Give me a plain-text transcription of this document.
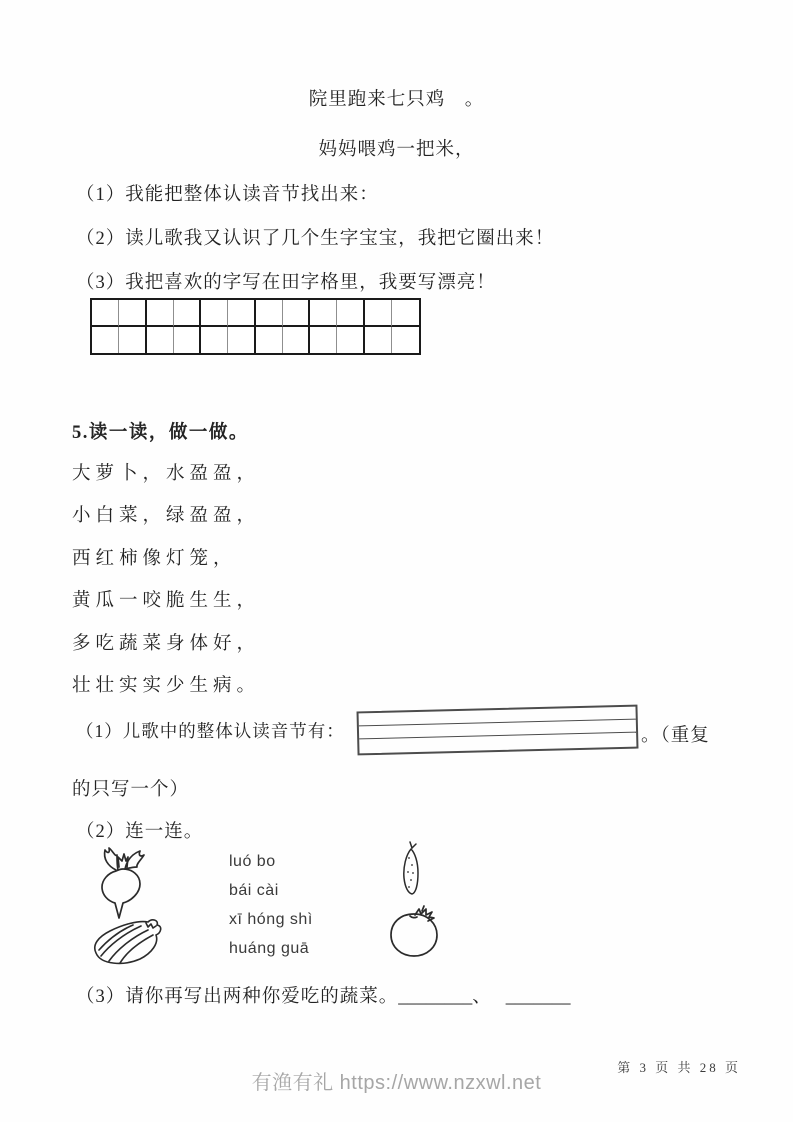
院里跑来七只鸡　。
妈妈喂鸡一把米，
（1）我能把整体认读音节找出来：
（2）读儿歌我又认识了几个生字宝宝，我把它圈出来！
（3）我把喜欢的字写在田字格里，我要写漂亮！
5.读一读，做一做。
大萝卜，水盈盈，
小白菜，绿盈盈，
西红柿像灯笼，
黄瓜一咬脆生生，
多吃蔬菜身体好，
壮壮实实少生病。
（1）儿歌中的整体认读音节有：	。（重复
的只写一个）
（2）连一连。
luó bo
bái cài
xī hóng shì
huáng guā
（3）请你再写出两种你爱吃的蔬菜。________、 _______
有渔有礼 https://www.nzxwl.net
第 3 页 共 28 页
